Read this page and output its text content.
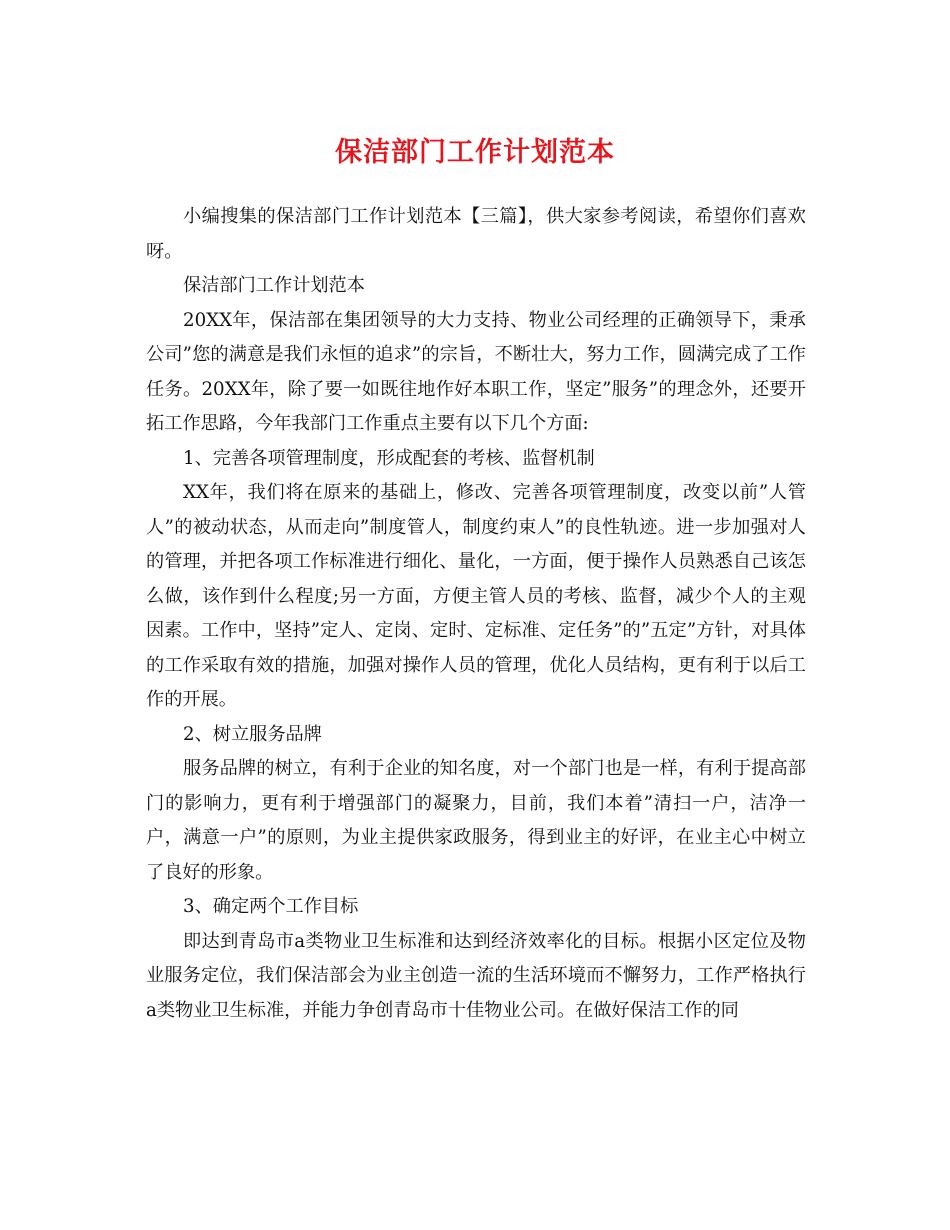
保洁部门工作计划范本

小编搜集的保洁部门工作计划范本【三篇】，供大家参考阅读，希望你们喜欢呀。

保洁部门工作计划范本

20XX年，保洁部在集团领导的大力支持、物业公司经理的正确领导下，秉承公司”您的满意是我们永恒的追求”的宗旨，不断壮大，努力工作，圆满完成了工作任务。20XX年，除了要一如既往地作好本职工作，坚定”服务”的理念外，还要开拓工作思路，今年我部门工作重点主要有以下几个方面:

1、完善各项管理制度，形成配套的考核、监督机制

XX年，我们将在原来的基础上，修改、完善各项管理制度，改变以前”人管人”的被动状态，从而走向”制度管人，制度约束人”的良性轨迹。进一步加强对人的管理，并把各项工作标准进行细化、量化，一方面，便于操作人员熟悉自己该怎么做，该作到什么程度;另一方面，方便主管人员的考核、监督，减少个人的主观因素。工作中，坚持”定人、定岗、定时、定标准、定任务”的”五定”方针，对具体的工作采取有效的措施，加强对操作人员的管理，优化人员结构，更有利于以后工作的开展。

2、树立服务品牌

服务品牌的树立，有利于企业的知名度，对一个部门也是一样，有利于提高部门的影响力，更有利于增强部门的凝聚力，目前，我们本着”清扫一户，洁净一户，满意一户”的原则，为业主提供家政服务，得到业主的好评，在业主心中树立了良好的形象。

3、确定两个工作目标

即达到青岛市a类物业卫生标准和达到经济效率化的目标。根据小区定位及物业服务定位，我们保洁部会为业主创造一流的生活环境而不懈努力，工作严格执行a类物业卫生标准，并能力争创青岛市十佳物业公司。在做好保洁工作的同
